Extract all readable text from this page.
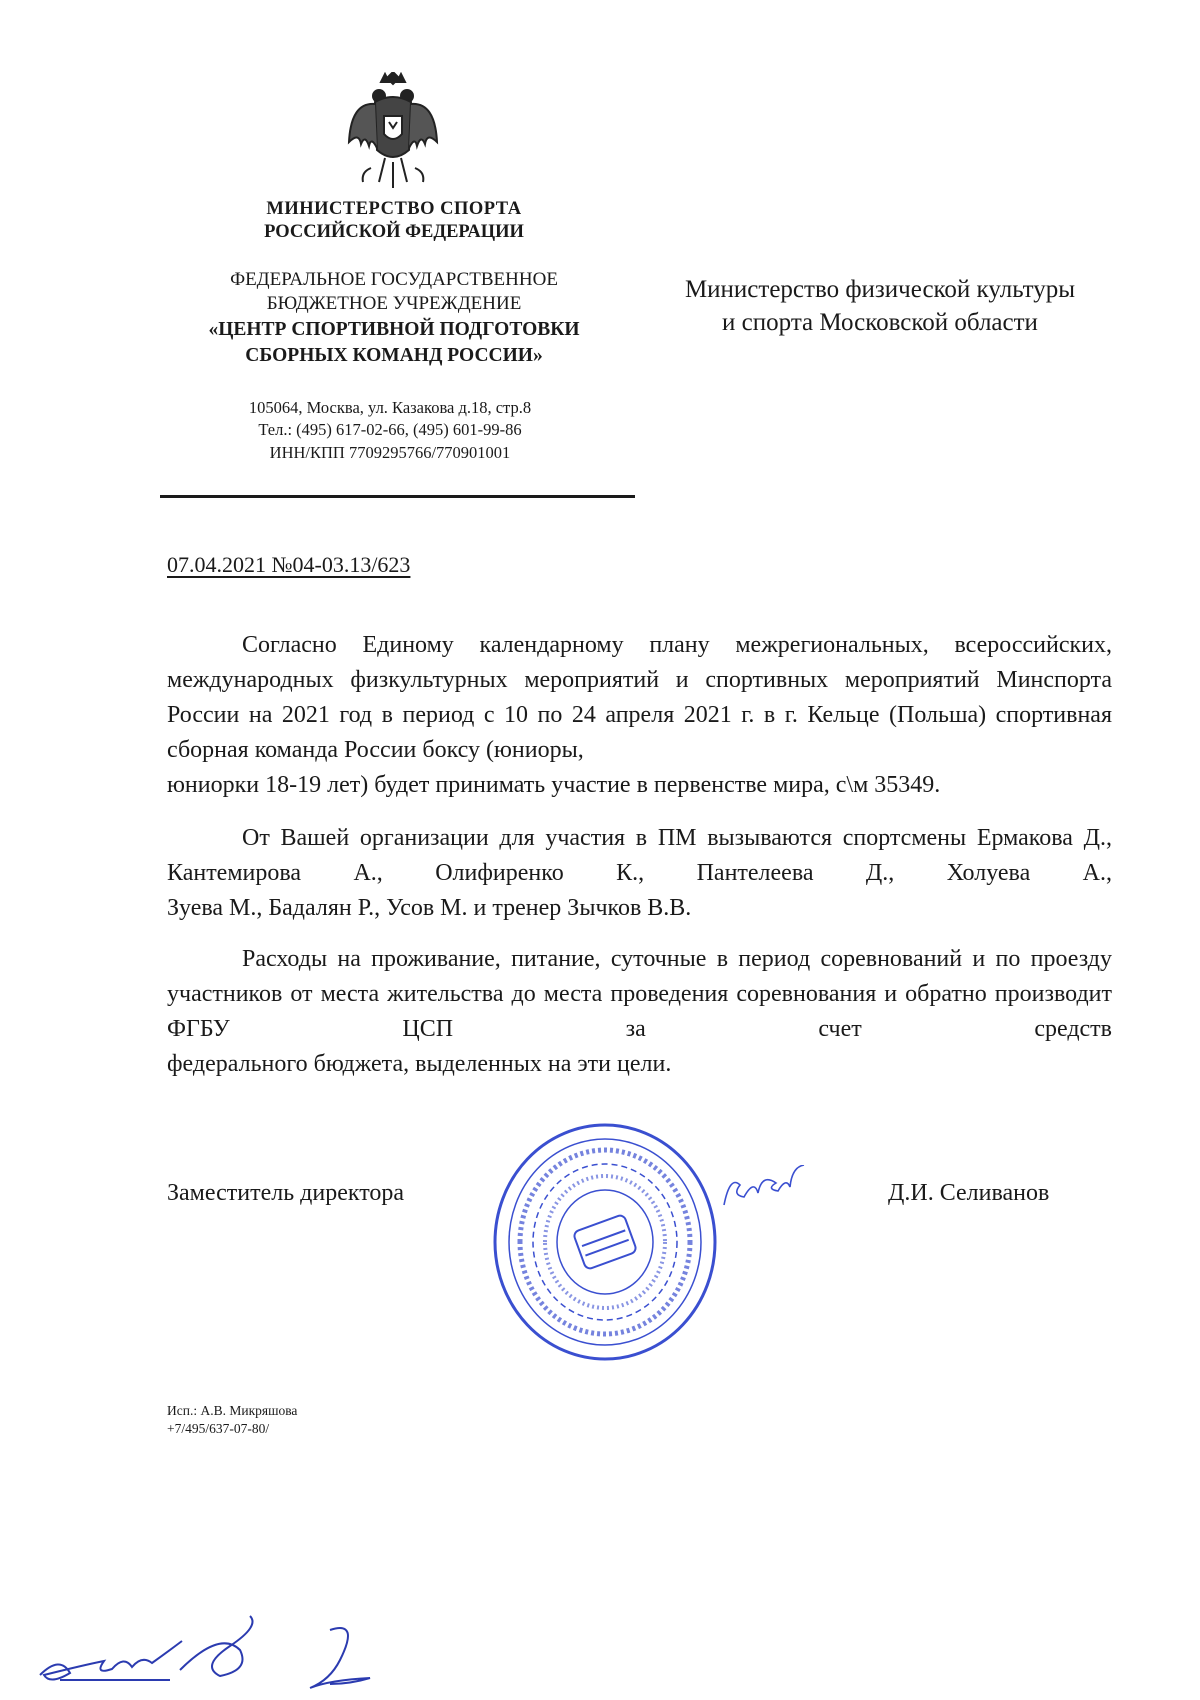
МИНИСТЕРСТВО СПОРТА
РОССИЙСКОЙ ФЕДЕРАЦИИ
ФЕДЕРАЛЬНОЕ ГОСУДАРСТВЕННОЕ
БЮДЖЕТНОЕ УЧРЕЖДЕНИЕ
«ЦЕНТР СПОРТИВНОЙ ПОДГОТОВКИ
СБОРНЫХ КОМАНД РОССИИ»
105064, Москва, ул. Казакова д.18, стр.8
Тел.: (495) 617-02-66, (495) 601-99-86
ИНН/КПП 7709295766/770901001
Министерство физической культуры
и спорта Московской области
07.04.2021 №04-03.13/623

Согласно Единому календарному плану межрегиональных, всероссийских, международных физкультурных мероприятий и спортивных мероприятий Минспорта России на 2021 год в период с 10 по 24 апреля 2021 г. в г. Кельце (Польша) спортивная сборная команда России боксу (юниоры,

юниорки 18-19 лет) будет принимать участие в первенстве мира, с\м 35349.

От Вашей организации для участия в ПМ вызываются спортсмены Ермакова Д., Кантемирова А., Олифиренко К., Пантелеева Д., Холуева А.,

Зуева М., Бадалян Р., Усов М. и тренер Зычков В.В.

Расходы на проживание, питание, суточные в период соревнований и по проезду участников от места жительства до места проведения соревнования и обратно производит ФГБУ ЦСП за счет средств

федерального бюджета, выделенных на эти цели.

Заместитель директора	Д.И. Селиванов
Исп.: А.В. Микряшова
+7/495/637-07-80/
